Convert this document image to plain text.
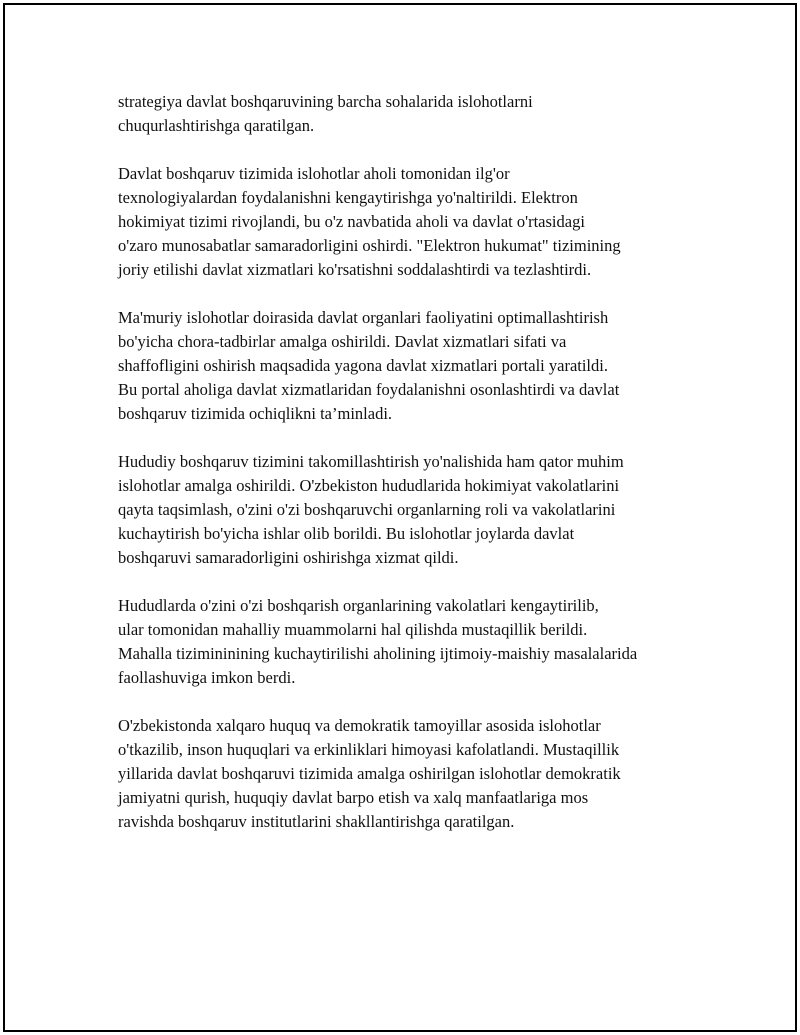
strategiya davlat boshqaruvining barcha sohalarida islohotlarni
chuqurlashtirishga qaratilgan.

Davlat boshqaruv tizimida islohotlar aholi tomonidan ilg'or
texnologiyalardan foydalanishni kengaytirishga yo'naltirildi. Elektron
hokimiyat tizimi rivojlandi, bu o'z navbatida aholi va davlat o'rtasidagi
o'zaro munosabatlar samaradorligini oshirdi. "Elektron hukumat" tizimining
joriy etilishi davlat xizmatlari ko'rsatishni soddalashtirdi va tezlashtirdi.

Ma'muriy islohotlar doirasida davlat organlari faoliyatini optimallashtirish
bo'yicha chora-tadbirlar amalga oshirildi. Davlat xizmatlari sifati va
shaffofligini oshirish maqsadida yagona davlat xizmatlari portali yaratildi.
Bu portal aholiga davlat xizmatlaridan foydalanishni osonlashtirdi va davlat
boshqaruv tizimida ochiqlikni ta’minladi.

Hududiy boshqaruv tizimini takomillashtirish yo'nalishida ham qator muhim
islohotlar amalga oshirildi. O'zbekiston hududlarida hokimiyat vakolatlarini
qayta taqsimlash, o'zini o'zi boshqaruvchi organlarning roli va vakolatlarini
kuchaytirish bo'yicha ishlar olib borildi. Bu islohotlar joylarda davlat
boshqaruvi samaradorligini oshirishga xizmat qildi.

Hududlarda o'zini o'zi boshqarish organlarining vakolatlari kengaytirilib,
ular tomonidan mahalliy muammolarni hal qilishda mustaqillik berildi.
Mahalla tizimininining kuchaytirilishi aholining ijtimoiy-maishiy masalalarida
faollashuviga imkon berdi.

O'zbekistonda xalqaro huquq va demokratik tamoyillar asosida islohotlar
o'tkazilib, inson huquqlari va erkinliklari himoyasi kafolatlandi. Mustaqillik
yillarida davlat boshqaruvi tizimida amalga oshirilgan islohotlar demokratik
jamiyatni qurish, huquqiy davlat barpo etish va xalq manfaatlariga mos
ravishda boshqaruv institutlarini shakllantirishga qaratilgan.
